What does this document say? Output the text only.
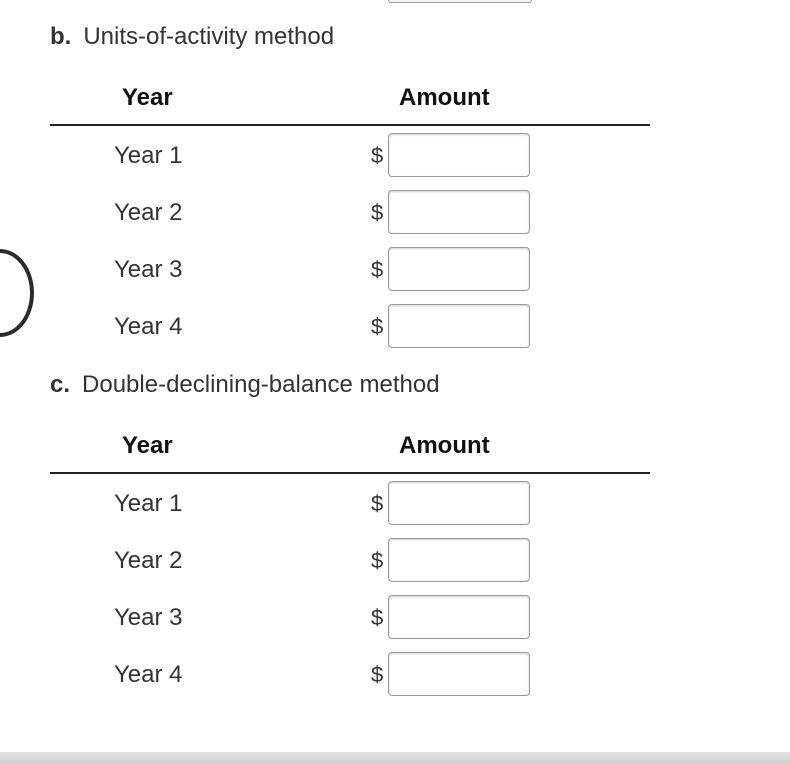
b. Units-of-activity method
Year	Amount
Year 1	$
Year 2	$
Year 3	$
Year 4	$
c. Double-declining-balance method
Year	Amount
Year 1	$
Year 2	$
Year 3	$
Year 4	$
